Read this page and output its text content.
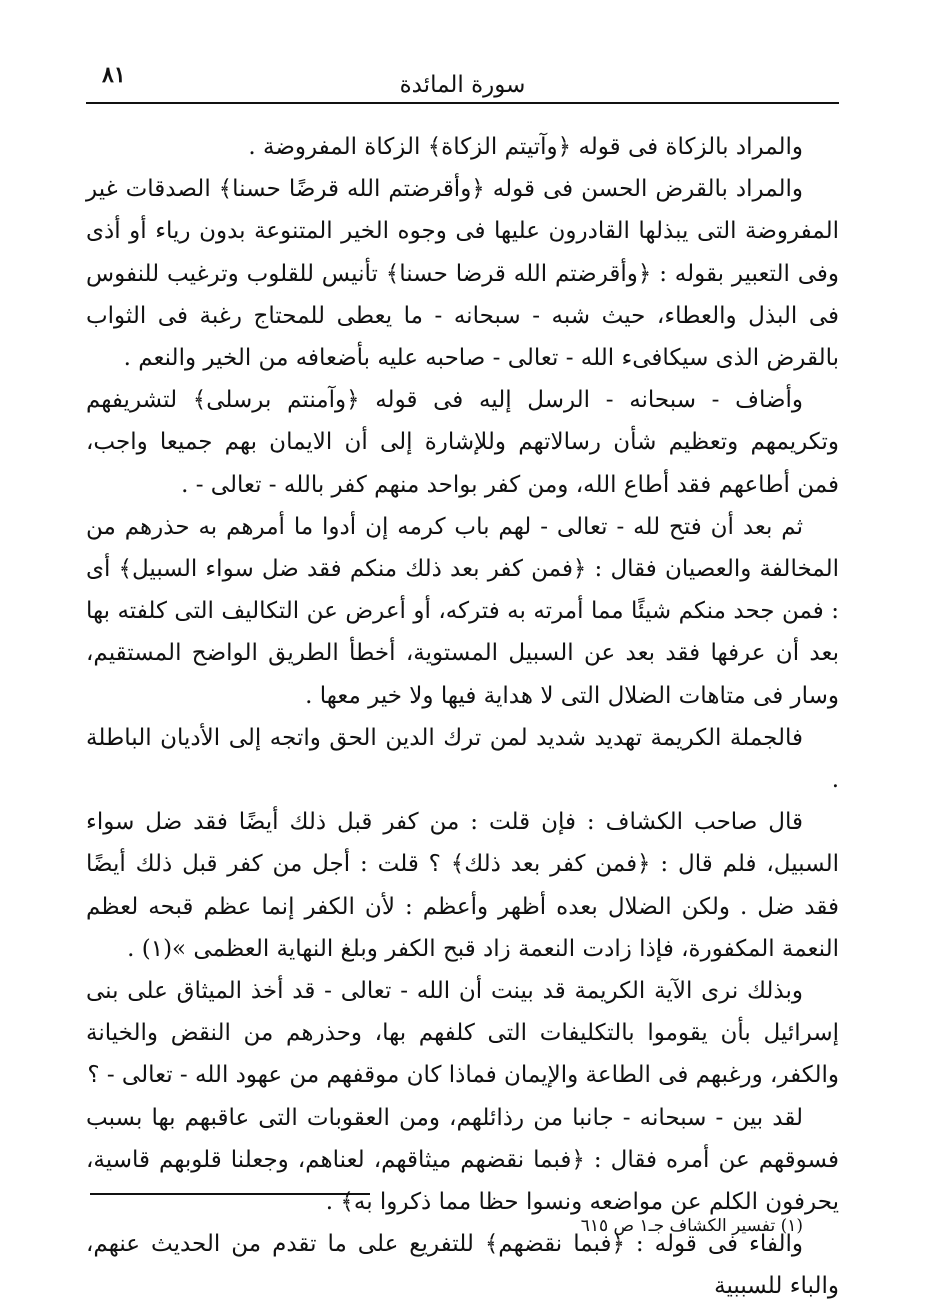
سورة المائدة
٨١

والمراد بالزكاة فى قوله ﴿وآتيتم الزكاة﴾ الزكاة المفروضة .

والمراد بالقرض الحسن فى قوله ﴿وأقرضتم الله قرضًا حسنا﴾ الصدقات غير المفروضة التى يبذلها القادرون عليها فى وجوه الخير المتنوعة بدون رياء أو أذى وفى التعبير بقوله : ﴿وأقرضتم الله قرضا حسنا﴾ تأنيس للقلوب وترغيب للنفوس فى البذل والعطاء، حيث شبه - سبحانه - ما يعطى للمحتاج رغبة فى الثواب بالقرض الذى سيكافىء الله - تعالى - صاحبه عليه بأضعافه من الخير والنعم .

وأضاف - سبحانه - الرسل إليه فى قوله ﴿وآمنتم برسلى﴾ لتشريفهم وتكريمهم وتعظيم شأن رسالاتهم وللإشارة إلى أن الايمان بهم جميعا واجب، فمن أطاعهم فقد أطاع الله، ومن كفر بواحد منهم كفر بالله - تعالى - .

ثم بعد أن فتح لله - تعالى - لهم باب كرمه إن أدوا ما أمرهم به حذرهم من المخالفة والعصيان فقال : ﴿فمن كفر بعد ذلك منكم فقد ضل سواء السبيل﴾ أى : فمن جحد منكم شيئًا مما أمرته به فتركه، أو أعرض عن التكاليف التى كلفته بها بعد أن عرفها فقد بعد عن السبيل المستوية، أخطأ الطريق الواضح المستقيم، وسار فى متاهات الضلال التى لا هداية فيها ولا خير معها .

فالجملة الكريمة تهديد شديد لمن ترك الدين الحق واتجه إلى الأديان الباطلة .

قال صاحب الكشاف : فإن قلت : من كفر قبل ذلك أيضًا فقد ضل سواء السبيل، فلم قال : ﴿فمن كفر بعد ذلك﴾ ؟ قلت : أجل من كفر قبل ذلك أيضًا فقد ضل . ولكن الضلال بعده أظهر وأعظم : لأن الكفر إنما عظم قبحه لعظم النعمة المكفورة، فإذا زادت النعمة زاد قبح الكفر وبلغ النهاية العظمى »(١) .

وبذلك نرى الآية الكريمة قد بينت أن الله - تعالى - قد أخذ الميثاق على بنى إسرائيل بأن يقوموا بالتكليفات التى كلفهم بها، وحذرهم من النقض والخيانة والكفر، ورغبهم فى الطاعة والإيمان فماذا كان موقفهم من عهود الله - تعالى - ؟

لقد بين - سبحانه - جانبا من رذائلهم، ومن العقوبات التى عاقبهم بها بسبب فسوقهم عن أمره فقال : ﴿فبما نقضهم ميثاقهم، لعناهم، وجعلنا قلوبهم قاسية، يحرفون الكلم عن مواضعه ونسوا حظا مما ذكروا به﴾ .

والفاء فى قوله : ﴿فبما نقضهم﴾ للتفريع على ما تقدم من الحديث عنهم، والباء للسببية

(١) تفسير الكشاف جـ١ ص ٦١٥
